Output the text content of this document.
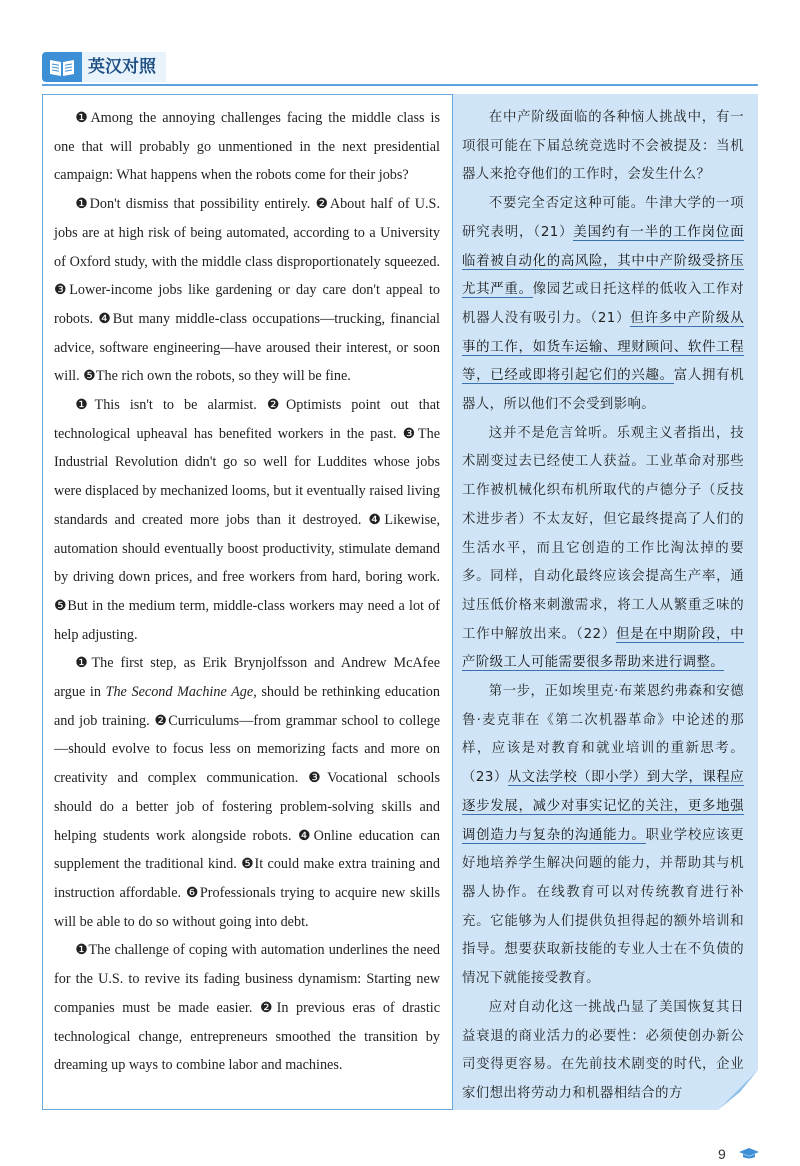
英汉对照

❶Among the annoying challenges facing the middle class is one that will probably go unmentioned in the next presidential campaign: What happens when the robots come for their jobs?

❶Don't dismiss that possibility entirely. ❷About half of U.S. jobs are at high risk of being automated, according to a University of Oxford study, with the middle class disproportionately squeezed. ❸Lower-income jobs like gardening or day care don't appeal to robots. ❹But many middle-class occupations—trucking, financial advice, software engineering—have aroused their interest, or soon will. ❺The rich own the robots, so they will be fine.

❶This isn't to be alarmist. ❷Optimists point out that technological upheaval has benefited workers in the past. ❸The Industrial Revolution didn't go so well for Luddites whose jobs were displaced by mechanized looms, but it eventually raised living standards and created more jobs than it destroyed. ❹Likewise, automation should eventually boost productivity, stimulate demand by driving down prices, and free workers from hard, boring work. ❺But in the medium term, middle-class workers may need a lot of help adjusting.

❶The first step, as Erik Brynjolfsson and Andrew McAfee argue in The Second Machine Age, should be rethinking education and job training. ❷Curriculums—from grammar school to college—should evolve to focus less on memorizing facts and more on creativity and complex communication. ❸Vocational schools should do a better job of fostering problem-solving skills and helping students work alongside robots. ❹Online education can supplement the traditional kind. ❺It could make extra training and instruction affordable. ❻Professionals trying to acquire new skills will be able to do so without going into debt.

❶The challenge of coping with automation underlines the need for the U.S. to revive its fading business dynamism: Starting new companies must be made easier. ❷In previous eras of drastic technological change, entrepreneurs smoothed the transition by dreaming up ways to combine labor and machines.

在中产阶级面临的各种恼人挑战中，有一项很可能在下届总统竞选时不会被提及：当机器人来抢夺他们的工作时，会发生什么？

不要完全否定这种可能。牛津大学的一项研究表明，（21）美国约有一半的工作岗位面临着被自动化的高风险，其中中产阶级受挤压尤其严重。像园艺或日托这样的低收入工作对机器人没有吸引力。（21）但许多中产阶级从事的工作，如货车运输、理财顾问、软件工程等，已经或即将引起它们的兴趣。富人拥有机器人，所以他们不会受到影响。

这并不是危言耸听。乐观主义者指出，技术剧变过去已经使工人获益。工业革命对那些工作被机械化织布机所取代的卢德分子（反技术进步者）不太友好，但它最终提高了人们的生活水平，而且它创造的工作比淘汰掉的要多。同样，自动化最终应该会提高生产率，通过压低价格来刺激需求，将工人从繁重乏味的工作中解放出来。（22）但是在中期阶段，中产阶级工人可能需要很多帮助来进行调整。

第一步，正如埃里克·布莱恩约弗森和安德鲁·麦克菲在《第二次机器革命》中论述的那样，应该是对教育和就业培训的重新思考。（23）从文法学校（即小学）到大学，课程应逐步发展，减少对事实记忆的关注，更多地强调创造力与复杂的沟通能力。职业学校应该更好地培养学生解决问题的能力，并帮助其与机器人协作。在线教育可以对传统教育进行补充。它能够为人们提供负担得起的额外培训和指导。想要获取新技能的专业人士在不负债的情况下就能接受教育。

应对自动化这一挑战凸显了美国恢复其日益衰退的商业活力的必要性：必须使创办新公司变得更容易。在先前技术剧变的时代，企业家们想出将劳动力和机器相结合的方

9
